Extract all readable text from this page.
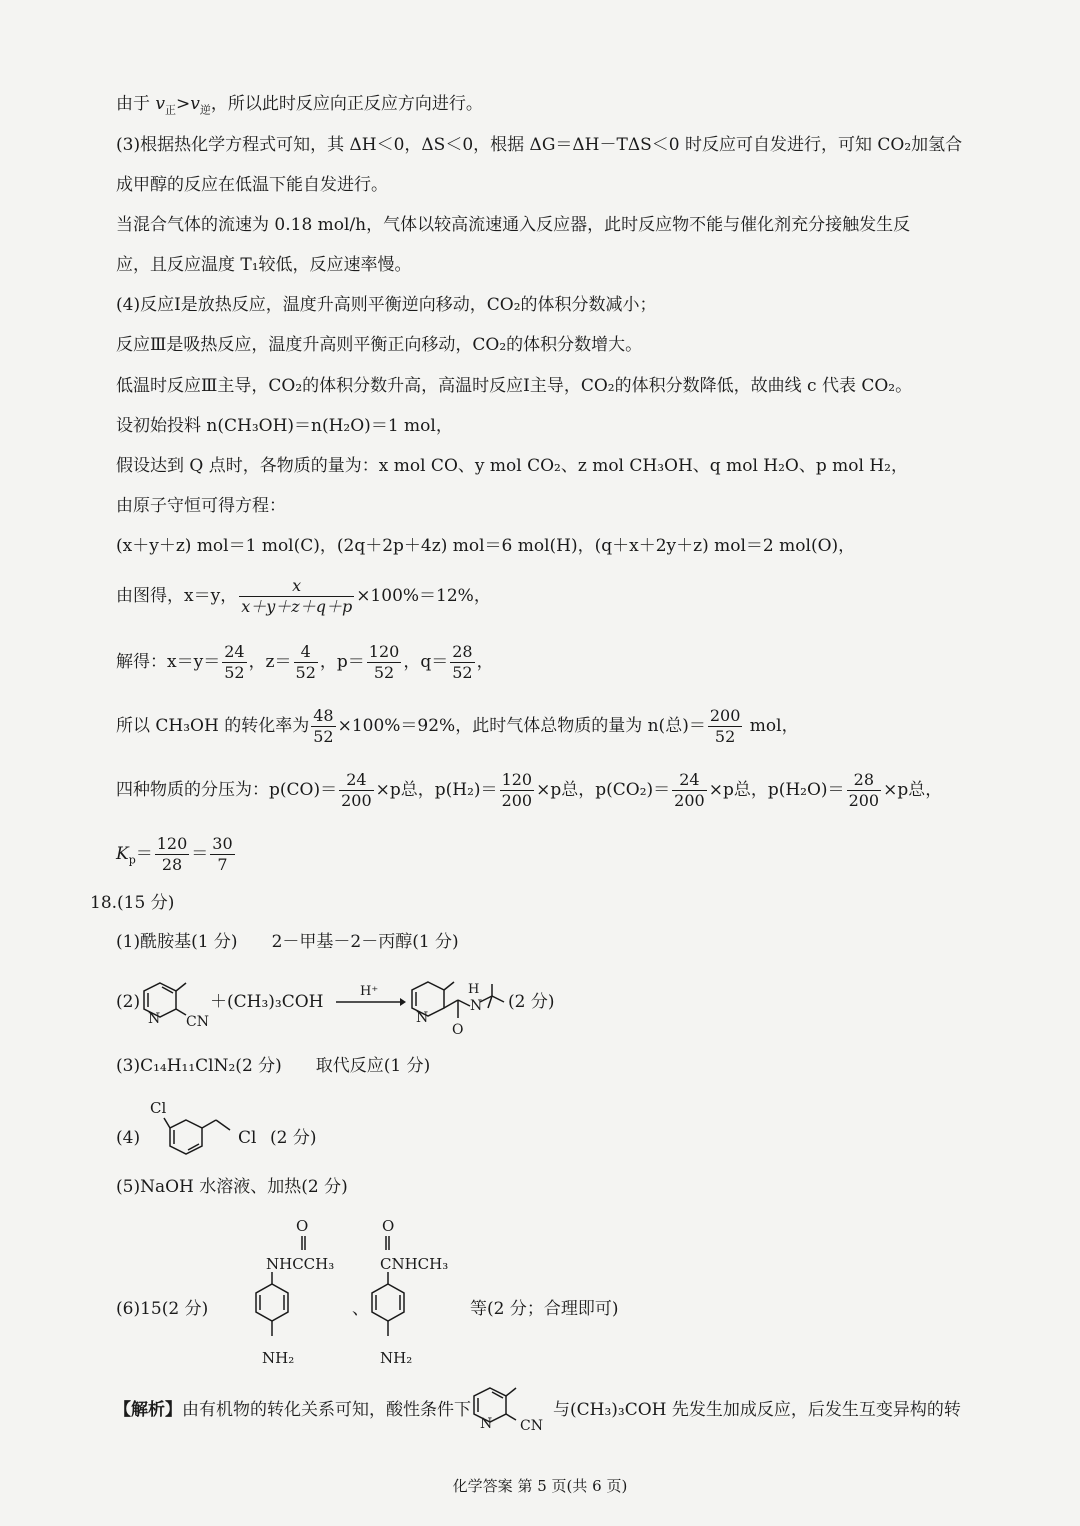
由于 $v_正>v_逆$，所以此时反应向正反应方向进行。
(3)根据热化学方程式可知，其 ΔH＜0，ΔS＜0，根据 ΔG＝ΔH－TΔS＜0 时反应可自发进行，可知 CO₂加氢合
成甲醇的反应在低温下能自发进行。
当混合气体的流速为 0.18 mol/h，气体以较高流速通入反应器，此时反应物不能与催化剂充分接触发生反
应，且反应温度 T₁较低，反应速率慢。
(4)反应Ⅰ是放热反应，温度升高则平衡逆向移动，CO₂的体积分数减小；
反应Ⅲ是吸热反应，温度升高则平衡正向移动，CO₂的体积分数增大。
低温时反应Ⅲ主导，CO₂的体积分数升高，高温时反应Ⅰ主导，CO₂的体积分数降低，故曲线 c 代表 CO₂。
设初始投料 n(CH₃OH)＝n(H₂O)＝1 mol，
假设达到 Q 点时，各物质的量为：x mol CO、y mol CO₂、z mol CH₃OH、q mol H₂O、p mol H₂，
由原子守恒可得方程：
(x＋y＋z) mol＝1 mol(C)，(2q＋2p＋4z) mol＝6 mol(H)，(q＋x＋2y＋z) mol＝2 mol(O)，
由图得，x＝y， $\frac{x}{x+y+z+q+p} \times 100\%=12\%$，
解得：$x=y= \frac{24}{52}$ ，$z= \frac{4}{52}$ ，$p= \frac{120}{52}$ ，$q= \frac{28}{52}$ ，
所以 CH₃OH 的转化率为 $\frac{48}{52} \times 100\%=92\%$，此时气体总物质的量为 n(总)＝ $\frac{200}{52}$ mol，
四种物质的分压为：$p(CO)= \frac{24}{200} \times p$总，$p(H_2)= \frac{120}{200} \times p$总，$p(CO_2)= \frac{24}{200} \times p$总，$p(H_2O)= \frac{28}{200} \times p$总，
$K_p= \frac{120}{28} = \frac{30}{7}$
18.(15 分)
(1)酰胺基(1 分)　　2－甲基－2－丙醇(1 分)
(2)
N CN
＋(CH₃)₃COH
H⁺
N
O
H
N (2 分)
(3)C₁₄H₁₁ClN₂(2 分)　　取代反应(1 分)
(4)
Cl
Cl (2 分)
(5)NaOH 水溶液、加热(2 分)
(6)15(2 分)
O
NHCCH₃
NH₂
、
O
CNHCH₃
NH₂
等(2 分；合理即可)
【解析】由有机物的转化关系可知，酸性条件下	与(CH₃)₃COH 先发生加成反应，后发生互变异构的转
N CN
化学答案 第 5 页(共 6 页)
